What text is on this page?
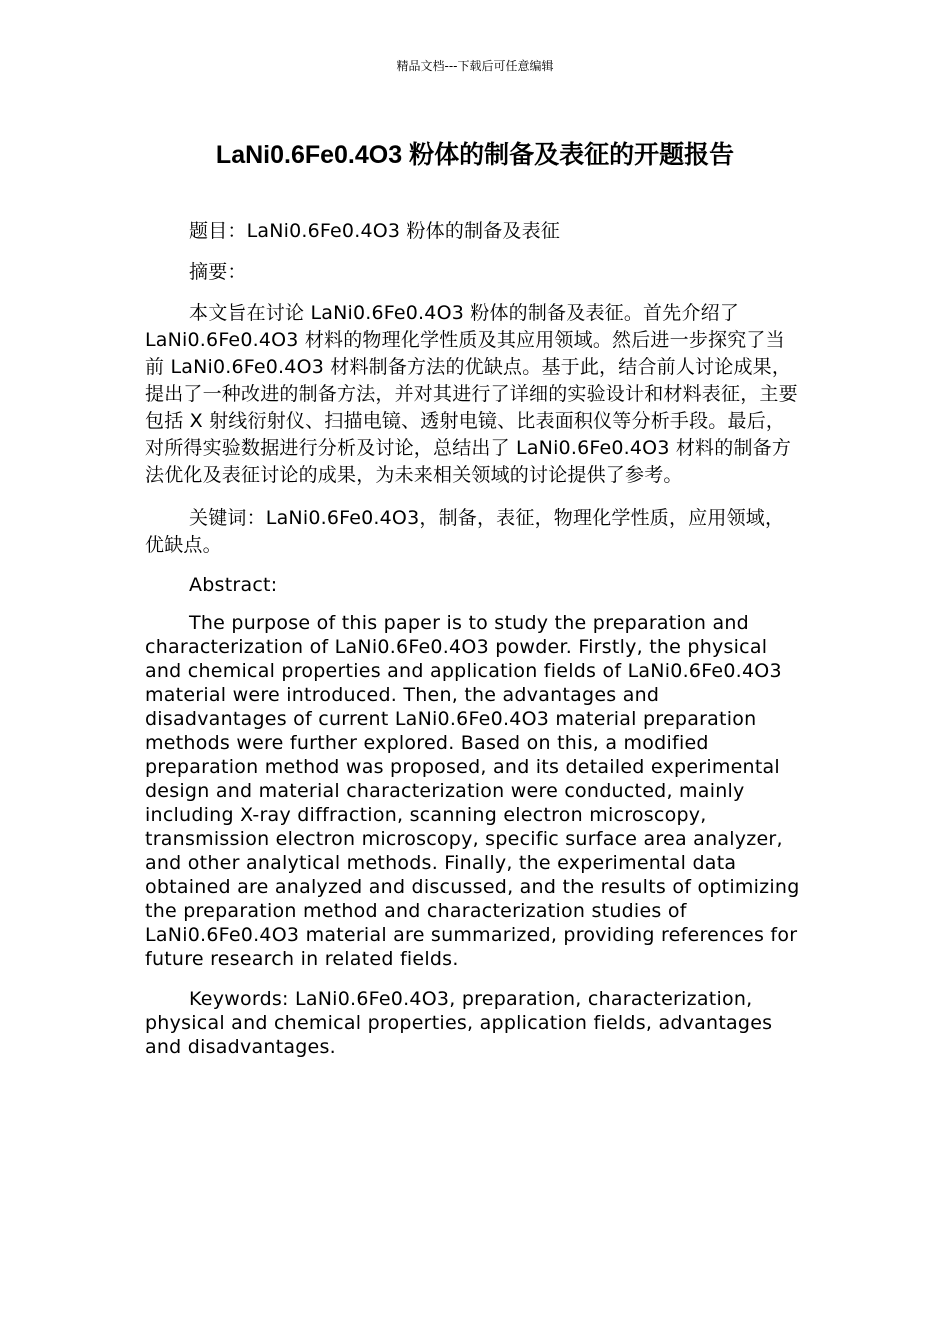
精品文档---下载后可任意编辑
LaNi0.6Fe0.4O3 粉体的制备及表征的开题报告

题目：LaNi0.6Fe0.4O3 粉体的制备及表征

摘要：

本文旨在讨论 LaNi0.6Fe0.4O3 粉体的制备及表征。首先介绍了 LaNi0.6Fe0.4O3 材料的物理化学性质及其应用领域。然后进一步探究了当前 LaNi0.6Fe0.4O3 材料制备方法的优缺点。基于此，结合前人讨论成果，提出了一种改进的制备方法，并对其进行了详细的实验设计和材料表征，主要包括 X 射线衍射仪、扫描电镜、透射电镜、比表面积仪等分析手段。最后，对所得实验数据进行分析及讨论，总结出了 LaNi0.6Fe0.4O3 材料的制备方法优化及表征讨论的成果，为未来相关领域的讨论提供了参考。

关键词：LaNi0.6Fe0.4O3，制备，表征，物理化学性质，应用领域，优缺点。

Abstract:

The purpose of this paper is to study the preparation and characterization of LaNi0.6Fe0.4O3 powder. Firstly, the physical and chemical properties and application fields of LaNi0.6Fe0.4O3 material were introduced. Then, the advantages and disadvantages of current LaNi0.6Fe0.4O3 material preparation methods were further explored. Based on this, a modified preparation method was proposed, and its detailed experimental design and material characterization were conducted, mainly including X-ray diffraction, scanning electron microscopy, transmission electron microscopy, specific surface area analyzer, and other analytical methods. Finally, the experimental data obtained are analyzed and discussed, and the results of optimizing the preparation method and characterization studies of LaNi0.6Fe0.4O3 material are summarized, providing references for future research in related fields.

Keywords: LaNi0.6Fe0.4O3, preparation, characterization, physical and chemical properties, application fields, advantages and disadvantages.
